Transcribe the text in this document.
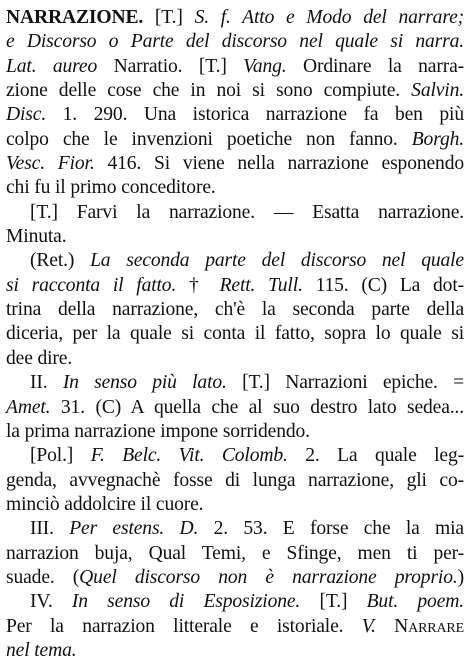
NARRAZIONE. [T.] S. f. Atto e Modo del narrare;
e Discorso o Parte del discorso nel quale si narra.
Lat. aureo Narratio. [T.] Vang. Ordinare la narra-
zione delle cose che in noi si sono compiute. Salvin.
Disc. 1. 290. Una istorica narrazione fa ben più
colpo che le invenzioni poetiche non fanno. Borgh.
Vesc. Fior. 416. Si viene nella narrazione esponendo
chi fu il primo conceditore.
[T.] Farvi la narrazione. — Esatta narrazione.
Minuta.
(Ret.) La seconda parte del discorso nel quale
si racconta il fatto. † Rett. Tull. 115. (C) La dot-
trina della narrazione, ch'è la seconda parte della
diceria, per la quale si conta il fatto, sopra lo quale si
dee dire.
II. In senso più lato. [T.] Narrazioni epiche. =
Amet. 31. (C) A quella che al suo destro lato sedea...
la prima narrazione impone sorridendo.
[Pol.] F. Belc. Vit. Colomb. 2. La quale leg-
genda, avvegnachè fosse di lunga narrazione, gli co-
minciò addolcire il cuore.
III. Per estens. D. 2. 53. E forse che la mia
narrazion buja, Qual Temi, e Sfinge, men ti per-
suade. (Quel discorso non è narrazione proprio.)
IV. In senso di Esposizione. [T.] But. poem.
Per la narrazion litterale e istoriale. V. Narrare
nel tema.
